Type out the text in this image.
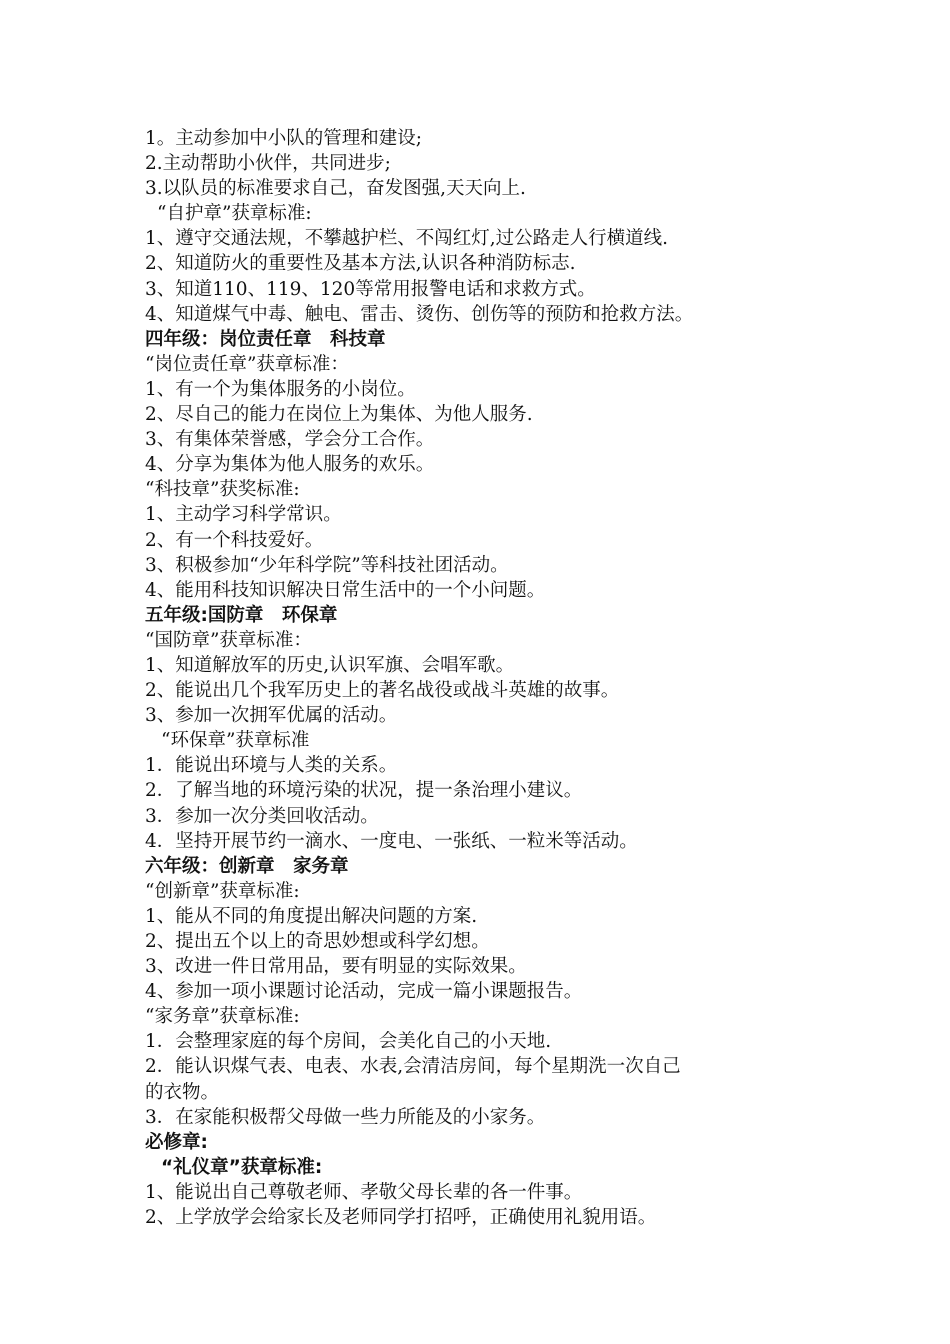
1。主动参加中小队的管理和建设;
2.主动帮助小伙伴，共同进步;
3.以队员的标准要求自己，奋发图强,天天向上.
“自护章”获章标准:
1、遵守交通法规，不攀越护栏、不闯红灯,过公路走人行横道线.
2、知道防火的重要性及基本方法,认识各种消防标志.
3、知道110、119、120等常用报警电话和求救方式。
4、知道煤气中毒、触电、雷击、烫伤、创伤等的预防和抢救方法。
四年级：岗位责任章　科技章
“岗位责任章”获章标准：
1、有一个为集体服务的小岗位。
2、尽自己的能力在岗位上为集体、为他人服务.
3、有集体荣誉感，学会分工合作。
4、分享为集体为他人服务的欢乐。
“科技章”获奖标准:
1、主动学习科学常识。
2、有一个科技爱好。
3、积极参加“少年科学院”等科技社团活动。
4、能用科技知识解决日常生活中的一个小问题。
五年级:国防章　环保章
“国防章”获章标准：
1、知道解放军的历史,认识军旗、会唱军歌。
2、能说出几个我军历史上的著名战役或战斗英雄的故事。
3、参加一次拥军优属的活动。
“环保章”获章标准
1．能说出环境与人类的关系。
2．了解当地的环境污染的状况，提一条治理小建议。
3．参加一次分类回收活动。
4．坚持开展节约一滴水、一度电、一张纸、一粒米等活动。
六年级：创新章　家务章
“创新章”获章标准:
1、能从不同的角度提出解决问题的方案.
2、提出五个以上的奇思妙想或科学幻想。
3、改进一件日常用品，要有明显的实际效果。
4、参加一项小课题讨论活动，完成一篇小课题报告。
“家务章”获章标准:
1．会整理家庭的每个房间，会美化自己的小天地.
2．能认识煤气表、电表、水表,会清洁房间，每个星期洗一次自己
的衣物。
3．在家能积极帮父母做一些力所能及的小家务。
必修章:
“礼仪章”获章标准:
1、能说出自己尊敬老师、孝敬父母长辈的各一件事。
2、上学放学会给家长及老师同学打招呼，正确使用礼貌用语。
